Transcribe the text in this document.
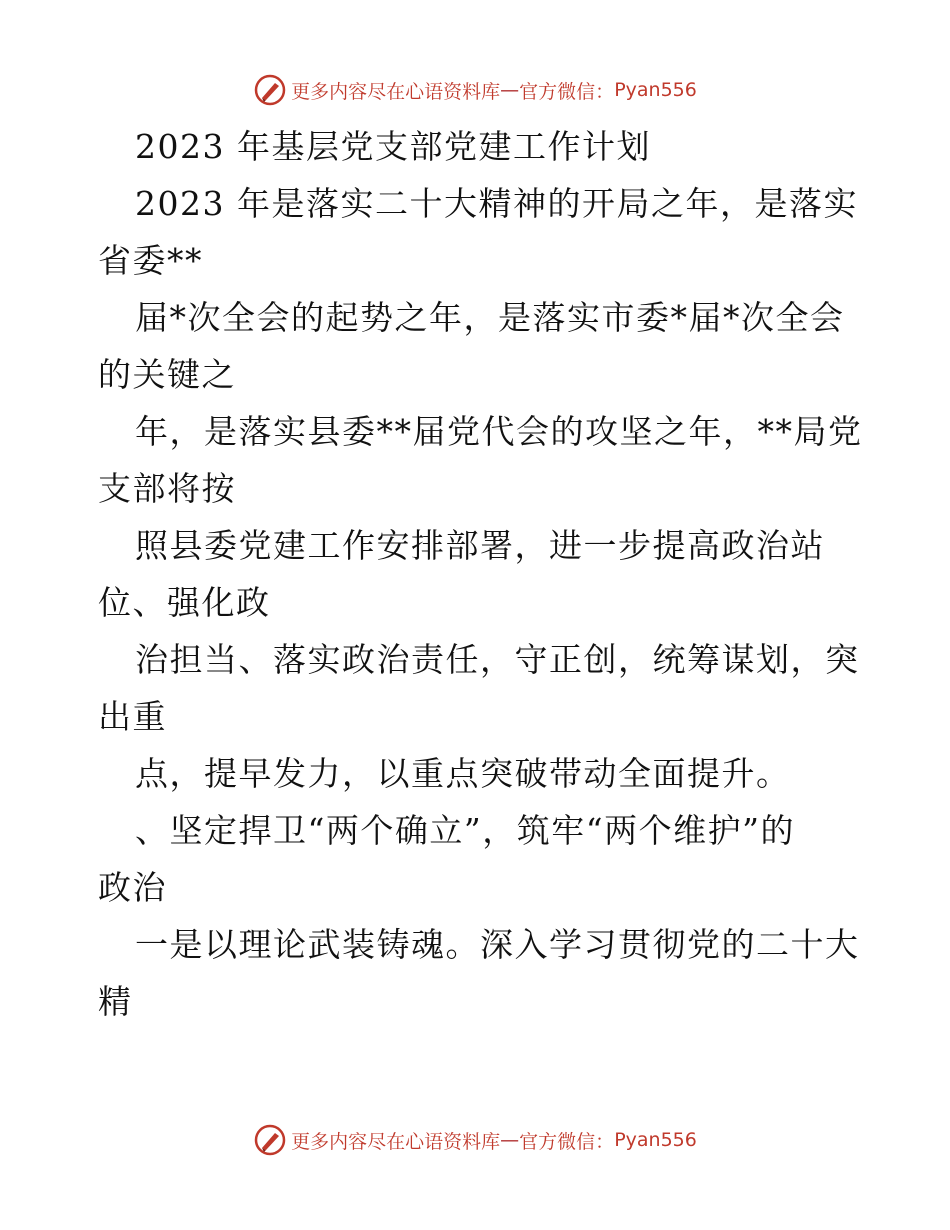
更多内容尽在心语资料库 — 官方微信： Pyan556
2023 年基层党支部党建工作计划
2023 年是落实二十大精神的开局之年，是落实
省委**
届*次全会的起势之年，是落实市委*届*次全会
的关键之
年，是落实县委**届党代会的攻坚之年，**局党
支部将按
照县委党建工作安排部署，进一步提高政治站
位、强化政
治担当、落实政治责任，守正创，统筹谋划，突
出重
点，提早发力，以重点突破带动全面提升。
、坚定捍卫“两个确立”，筑牢“两个维护”的
政治
一是以理论武装铸魂。深入学习贯彻党的二十大
精
更多内容尽在心语资料库 — 官方微信： Pyan556
